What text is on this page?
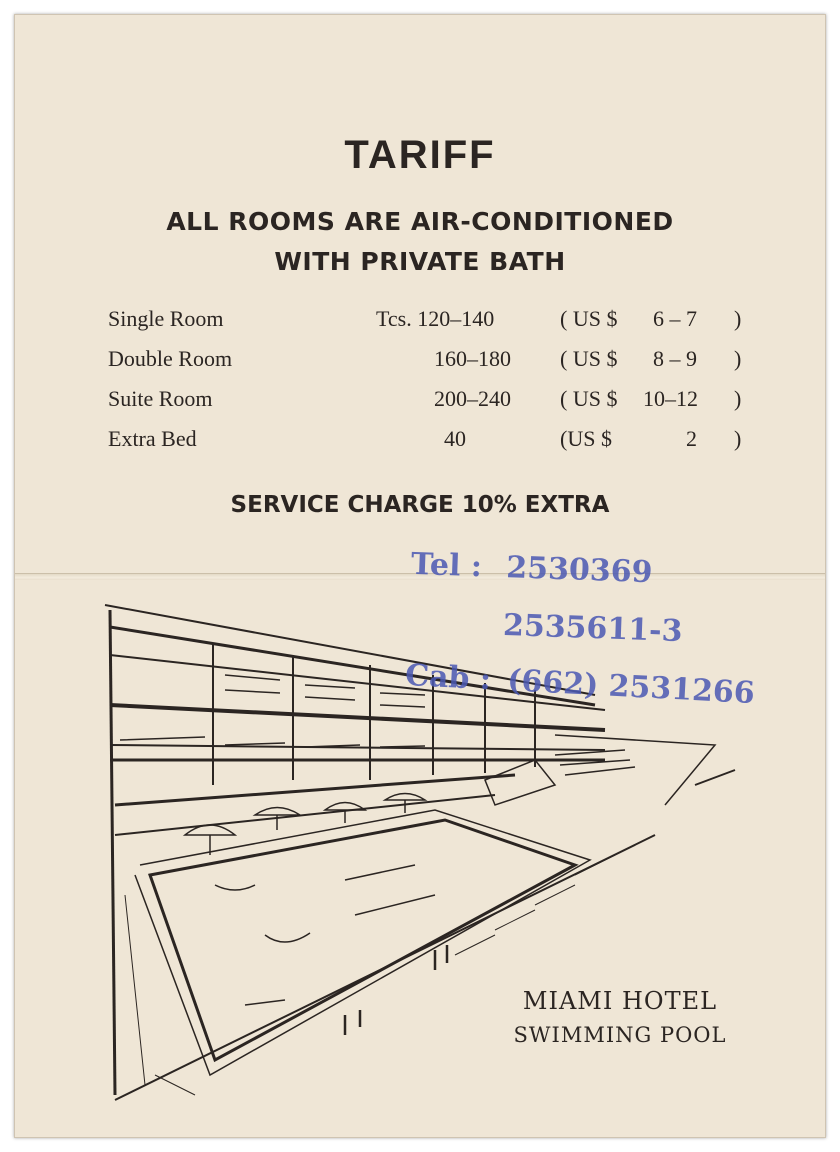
TARIFF
ALL ROOMS ARE AIR-CONDITIONED
WITH PRIVATE BATH
Single Room	Tcs. 120–140	( US $ 6 – 7 )
Double Room	160–180 ( US $ 8 – 9 )
Suite Room	200–240 ( US $ 10–12 )
Extra Bed	40	(US $	2 )
SERVICE CHARGE 10% EXTRA
Tel : 2530369
2535611-3
Cab : (662) 2531266
MIAMI HOTEL
SWIMMING POOL
